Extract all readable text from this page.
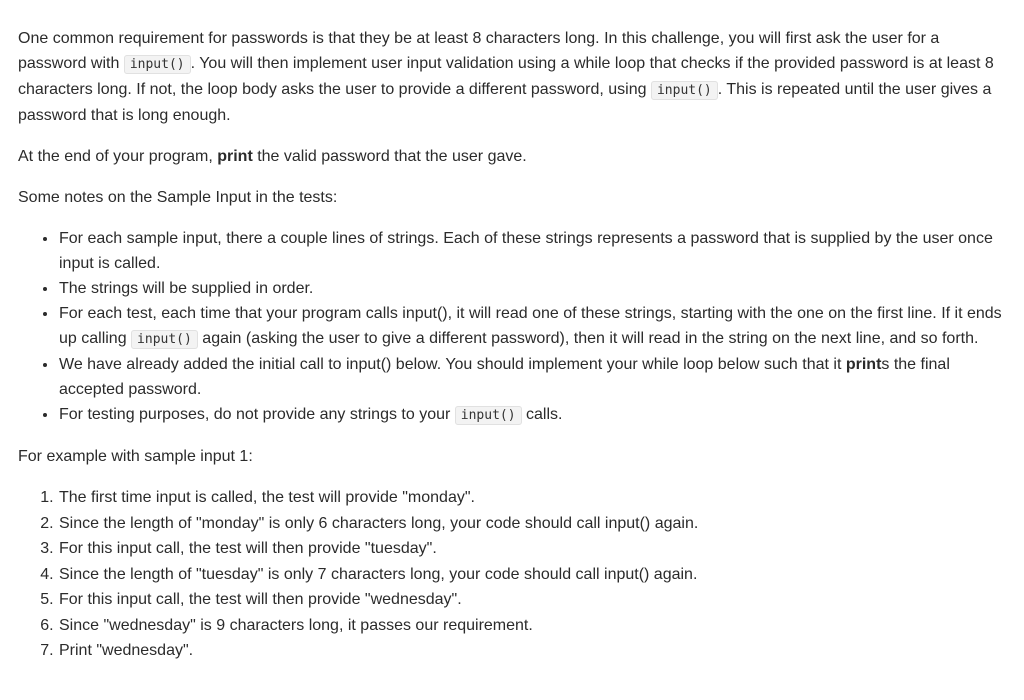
One common requirement for passwords is that they be at least 8 characters long. In this challenge, you will first ask the user for a password with input() . You will then implement user input validation using a while loop that checks if the provided password is at least 8 characters long. If not, the loop body asks the user to provide a different password, using input() . This is repeated until the user gives a password that is long enough.

At the end of your program, print the valid password that the user gave.

Some notes on the Sample Input in the tests:

• For each sample input, there a couple lines of strings. Each of these strings represents a password that is supplied by the user once input is called.
• The strings will be supplied in order.
• For each test, each time that your program calls input(), it will read one of these strings, starting with the one on the first line. If it ends up calling input() again (asking the user to give a different password), then it will read in the string on the next line, and so forth.
• We have already added the initial call to input() below. You should implement your while loop below such that it prints the final accepted password.
• For testing purposes, do not provide any strings to your input() calls.

For example with sample input 1:

1. The first time input is called, the test will provide "monday".
2. Since the length of "monday" is only 6 characters long, your code should call input() again.
3. For this input call, the test will then provide "tuesday".
4. Since the length of "tuesday" is only 7 characters long, your code should call input() again.
5. For this input call, the test will then provide "wednesday".
6. Since "wednesday" is 9 characters long, it passes our requirement.
7. Print "wednesday".
